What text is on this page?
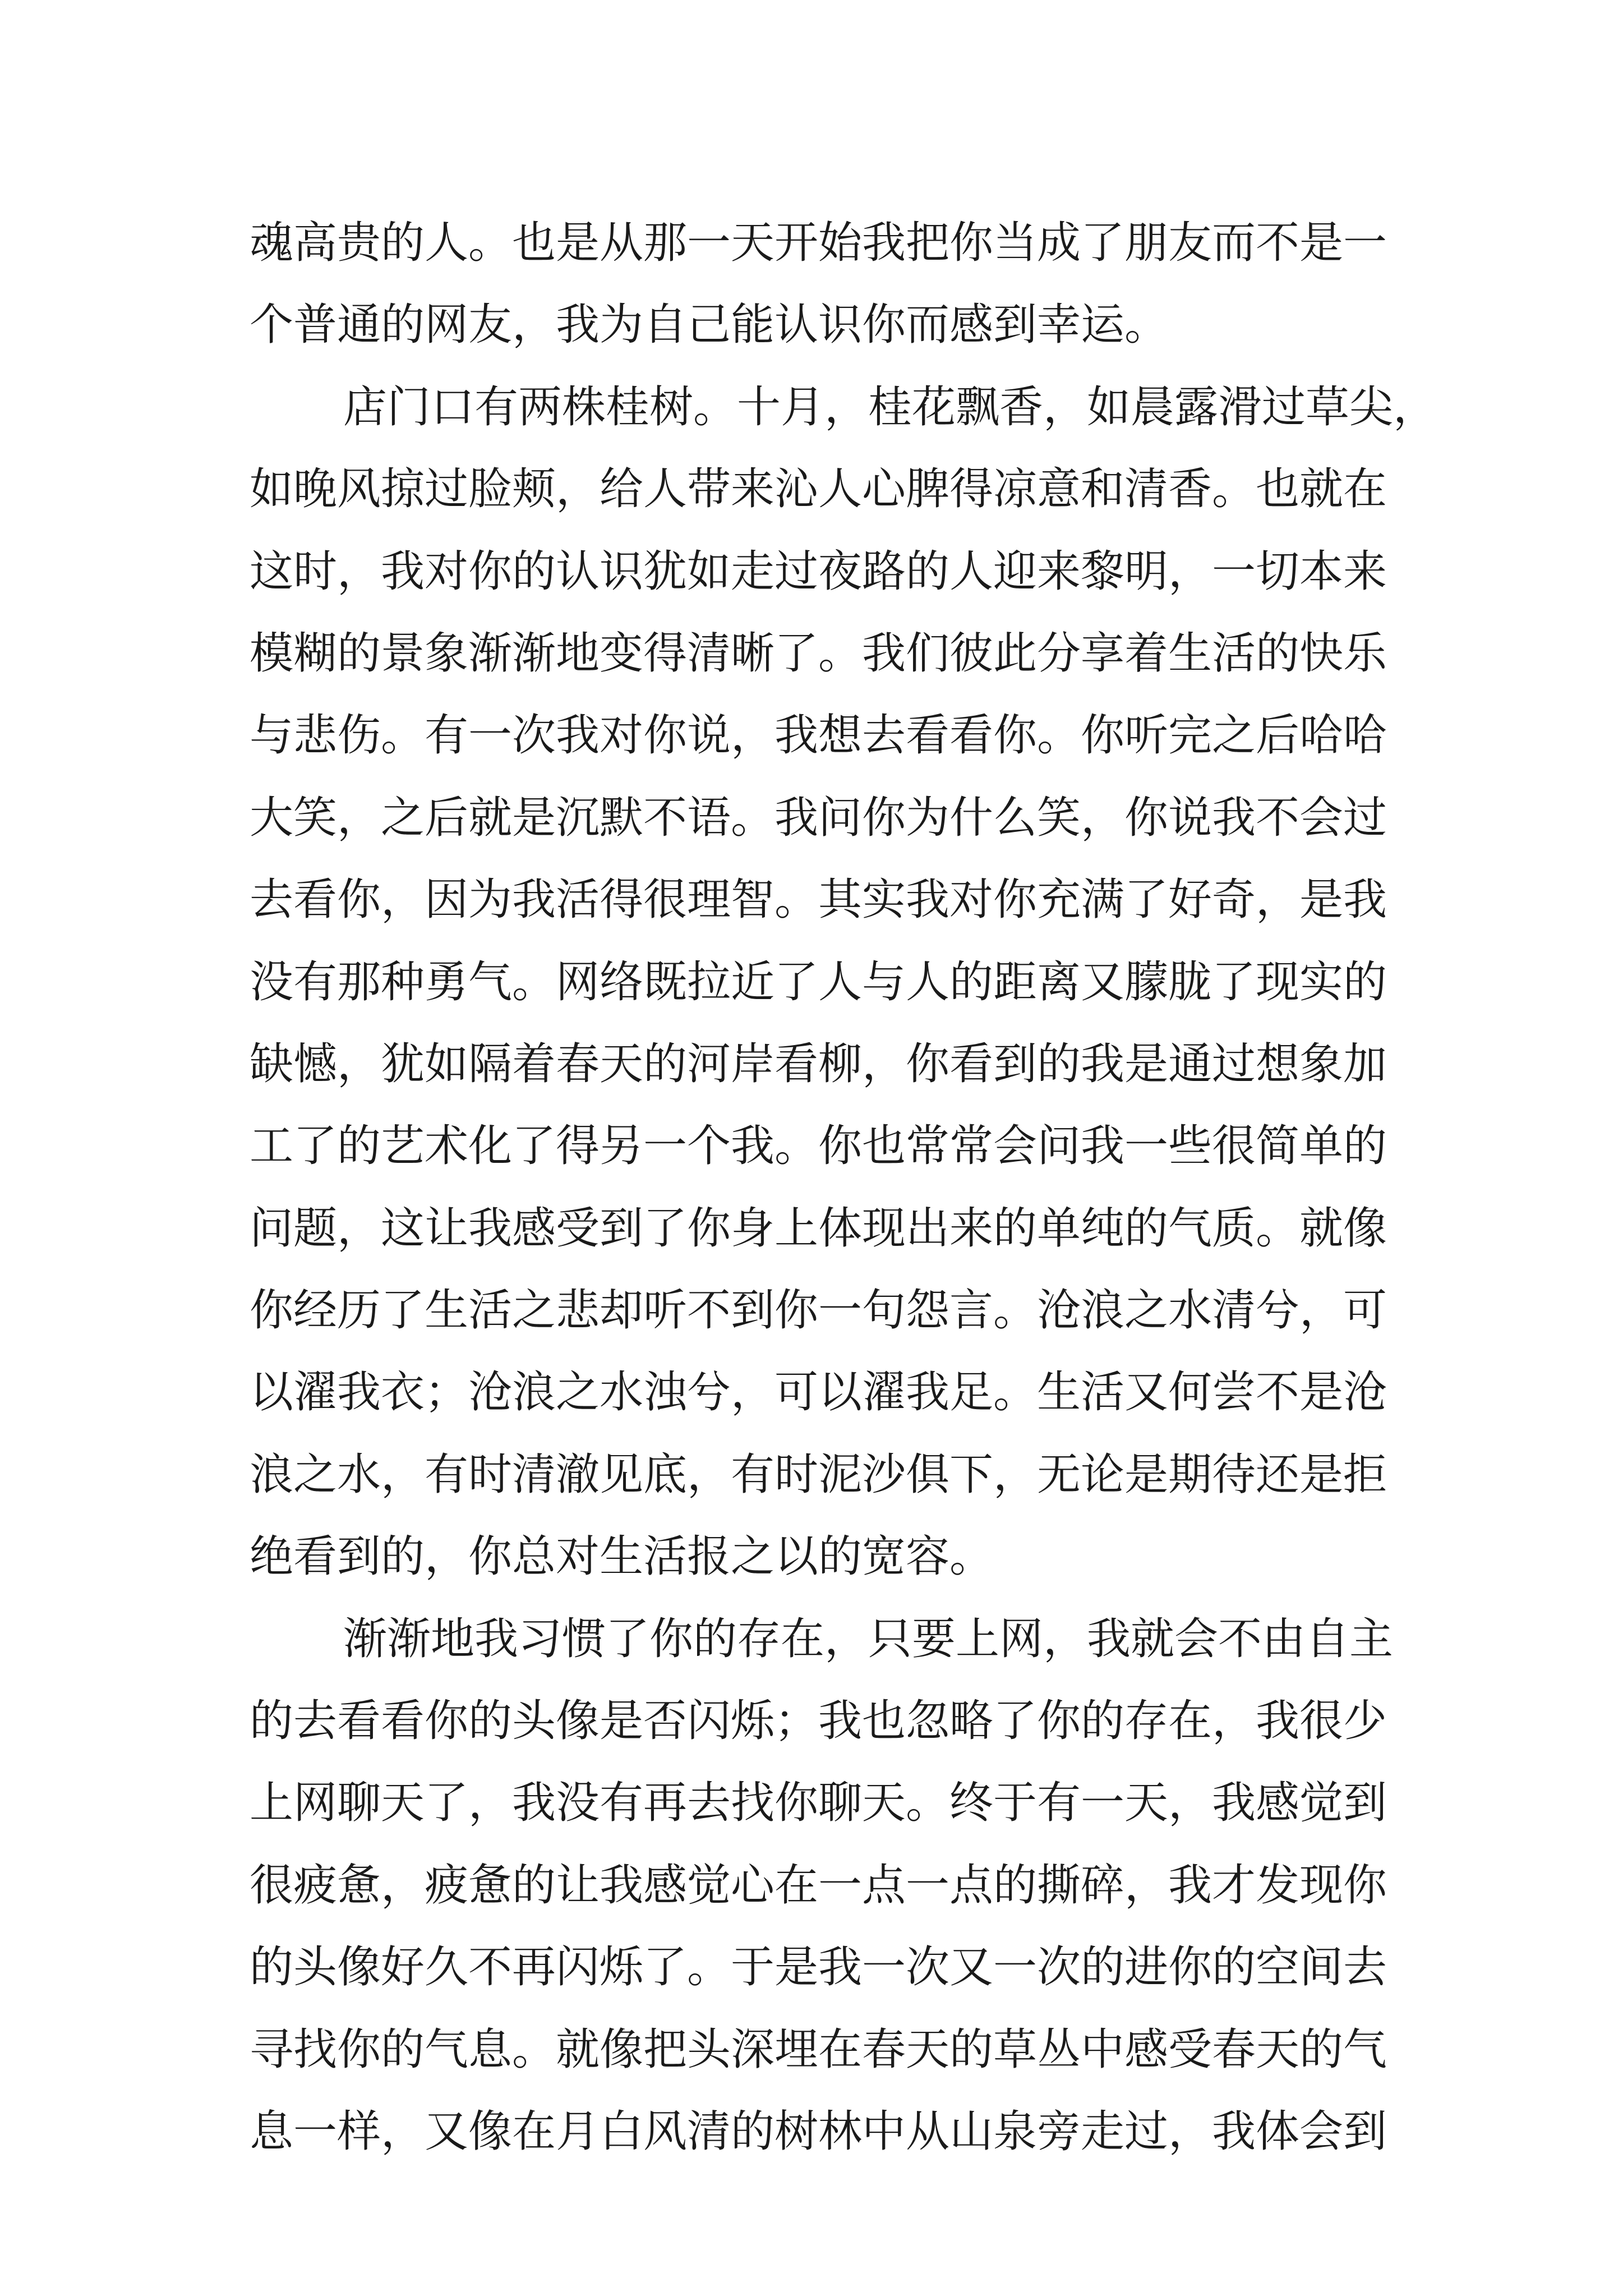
魂高贵的人。也是从那一天开始我把你当成了朋友而不是一
个普通的网友，我为自己能认识你而感到幸运。
店门口有两株桂树。十月，桂花飘香，如晨露滑过草尖，
如晚风掠过脸颊，给人带来沁人心脾得凉意和清香。也就在
这时，我对你的认识犹如走过夜路的人迎来黎明，一切本来
模糊的景象渐渐地变得清晰了。我们彼此分享着生活的快乐
与悲伤。有一次我对你说，我想去看看你。你听完之后哈哈
大笑，之后就是沉默不语。我问你为什么笑，你说我不会过
去看你，因为我活得很理智。其实我对你充满了好奇，是我
没有那种勇气。网络既拉近了人与人的距离又朦胧了现实的
缺憾，犹如隔着春天的河岸看柳，你看到的我是通过想象加
工了的艺术化了得另一个我。你也常常会问我一些很简单的
问题，这让我感受到了你身上体现出来的单纯的气质。就像
你经历了生活之悲却听不到你一句怨言。沧浪之水清兮，可
以濯我衣；沧浪之水浊兮，可以濯我足。生活又何尝不是沧
浪之水，有时清澈见底，有时泥沙俱下，无论是期待还是拒
绝看到的，你总对生活报之以的宽容。
渐渐地我习惯了你的存在，只要上网，我就会不由自主
的去看看你的头像是否闪烁；我也忽略了你的存在，我很少
上网聊天了，我没有再去找你聊天。终于有一天，我感觉到
很疲惫，疲惫的让我感觉心在一点一点的撕碎，我才发现你
的头像好久不再闪烁了。于是我一次又一次的进你的空间去
寻找你的气息。就像把头深埋在春天的草丛中感受春天的气
息一样，又像在月白风清的树林中从山泉旁走过，我体会到
